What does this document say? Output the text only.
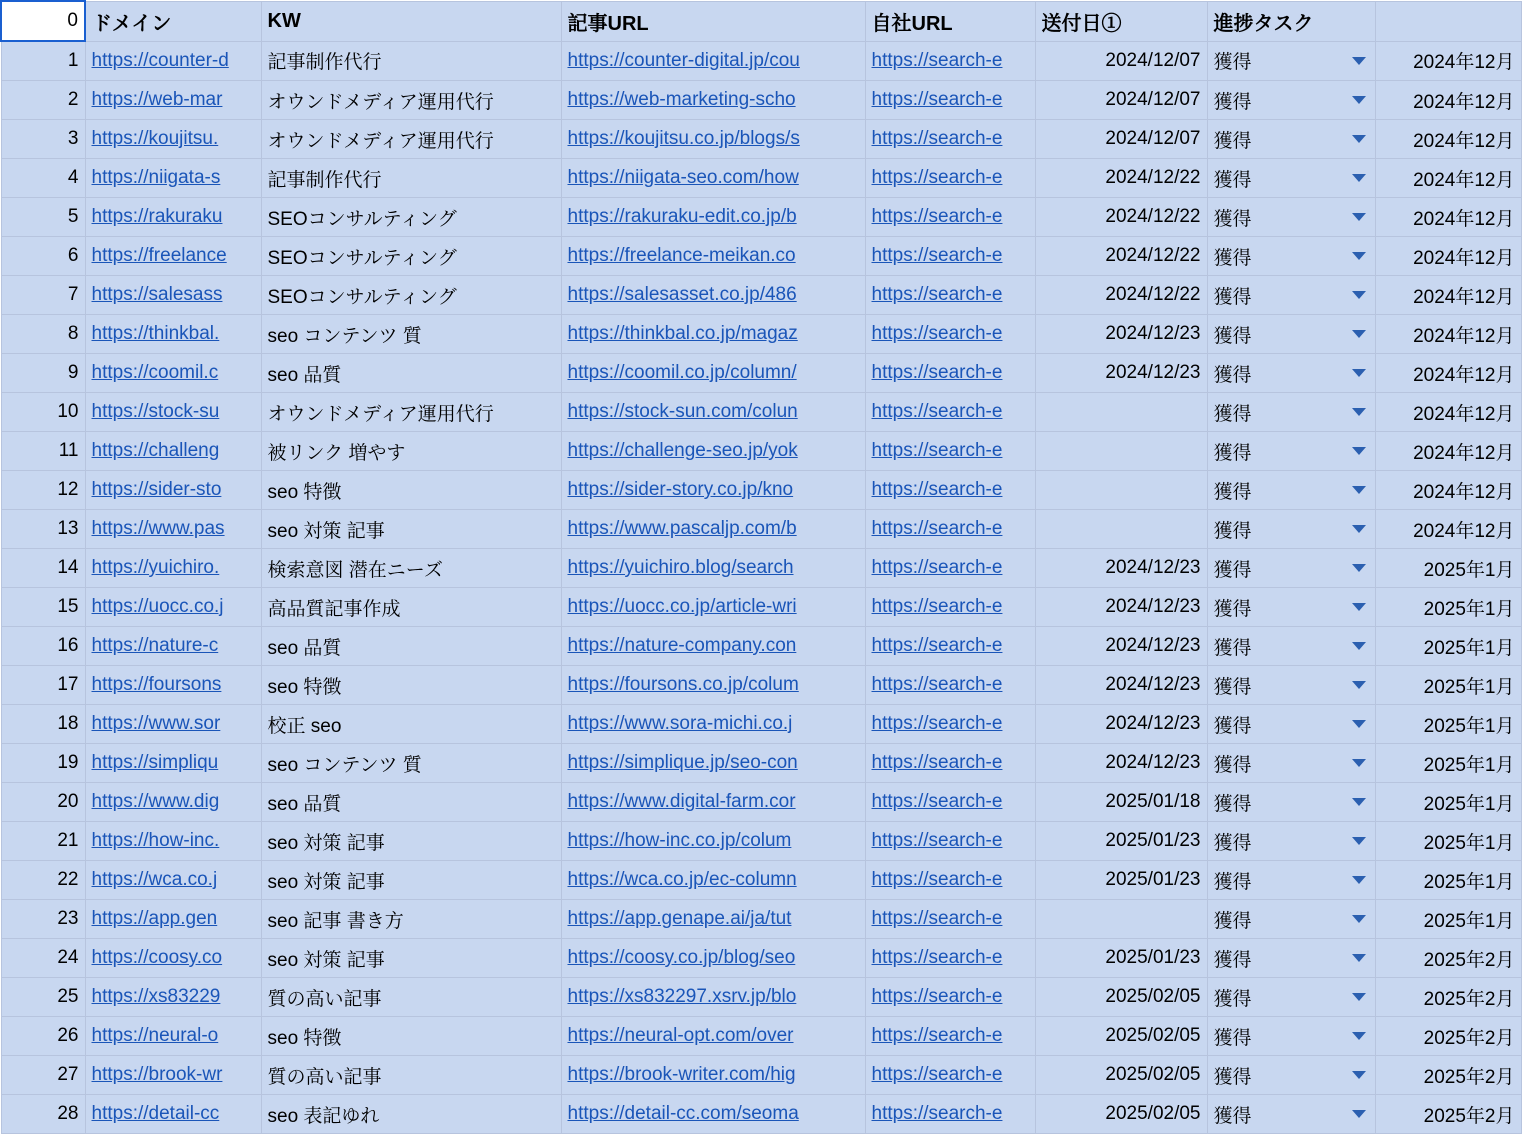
0	ドメイン	KW	記事URL	自社URL	送付日①	進捗タスク	
1	https://counter-d	記事制作代行	https://counter-digital.jp/cou	https://search-e	2024/12/07	獲得	2024年12月
2	https://web-mar	オウンドメディア運用代行	https://web-marketing-scho	https://search-e	2024/12/07	獲得	2024年12月
3	https://koujitsu.	オウンドメディア運用代行	https://koujitsu.co.jp/blogs/s	https://search-e	2024/12/07	獲得	2024年12月
4	https://niigata-s	記事制作代行	https://niigata-seo.com/how	https://search-e	2024/12/22	獲得	2024年12月
5	https://rakuraku	SEOコンサルティング	https://rakuraku-edit.co.jp/b	https://search-e	2024/12/22	獲得	2024年12月
6	https://freelance	SEOコンサルティング	https://freelance-meikan.co	https://search-e	2024/12/22	獲得	2024年12月
7	https://salesass	SEOコンサルティング	https://salesasset.co.jp/486	https://search-e	2024/12/22	獲得	2024年12月
8	https://thinkbal.	seo コンテンツ 質	https://thinkbal.co.jp/magaz	https://search-e	2024/12/23	獲得	2024年12月
9	https://coomil.c	seo 品質	https://coomil.co.jp/column/	https://search-e	2024/12/23	獲得	2024年12月
10	https://stock-su	オウンドメディア運用代行	https://stock-sun.com/colun	https://search-e		獲得	2024年12月
11	https://challeng	被リンク 増やす	https://challenge-seo.jp/yok	https://search-e		獲得	2024年12月
12	https://sider-sto	seo 特徴	https://sider-story.co.jp/kno	https://search-e		獲得	2024年12月
13	https://www.pas	seo 対策 記事	https://www.pascaljp.com/b	https://search-e		獲得	2024年12月
14	https://yuichiro.	検索意図 潜在ニーズ	https://yuichiro.blog/search	https://search-e	2024/12/23	獲得	2025年1月
15	https://uocc.co.j	高品質記事作成	https://uocc.co.jp/article-wri	https://search-e	2024/12/23	獲得	2025年1月
16	https://nature-c	seo 品質	https://nature-company.con	https://search-e	2024/12/23	獲得	2025年1月
17	https://foursons	seo 特徴	https://foursons.co.jp/colum	https://search-e	2024/12/23	獲得	2025年1月
18	https://www.sor	校正 seo	https://www.sora-michi.co.j	https://search-e	2024/12/23	獲得	2025年1月
19	https://simpliqu	seo コンテンツ 質	https://simplique.jp/seo-con	https://search-e	2024/12/23	獲得	2025年1月
20	https://www.dig	seo 品質	https://www.digital-farm.cor	https://search-e	2025/01/18	獲得	2025年1月
21	https://how-inc.	seo 対策 記事	https://how-inc.co.jp/colum	https://search-e	2025/01/23	獲得	2025年1月
22	https://wca.co.j	seo 対策 記事	https://wca.co.jp/ec-column	https://search-e	2025/01/23	獲得	2025年1月
23	https://app.gen	seo 記事 書き方	https://app.genape.ai/ja/tut	https://search-e		獲得	2025年1月
24	https://coosy.co	seo 対策 記事	https://coosy.co.jp/blog/seo	https://search-e	2025/01/23	獲得	2025年2月
25	https://xs83229	質の高い記事	https://xs832297.xsrv.jp/blo	https://search-e	2025/02/05	獲得	2025年2月
26	https://neural-o	seo 特徴	https://neural-opt.com/over	https://search-e	2025/02/05	獲得	2025年2月
27	https://brook-wr	質の高い記事	https://brook-writer.com/hig	https://search-e	2025/02/05	獲得	2025年2月
28	https://detail-cc	seo 表記ゆれ	https://detail-cc.com/seoma	https://search-e	2025/02/05	獲得	2025年2月
